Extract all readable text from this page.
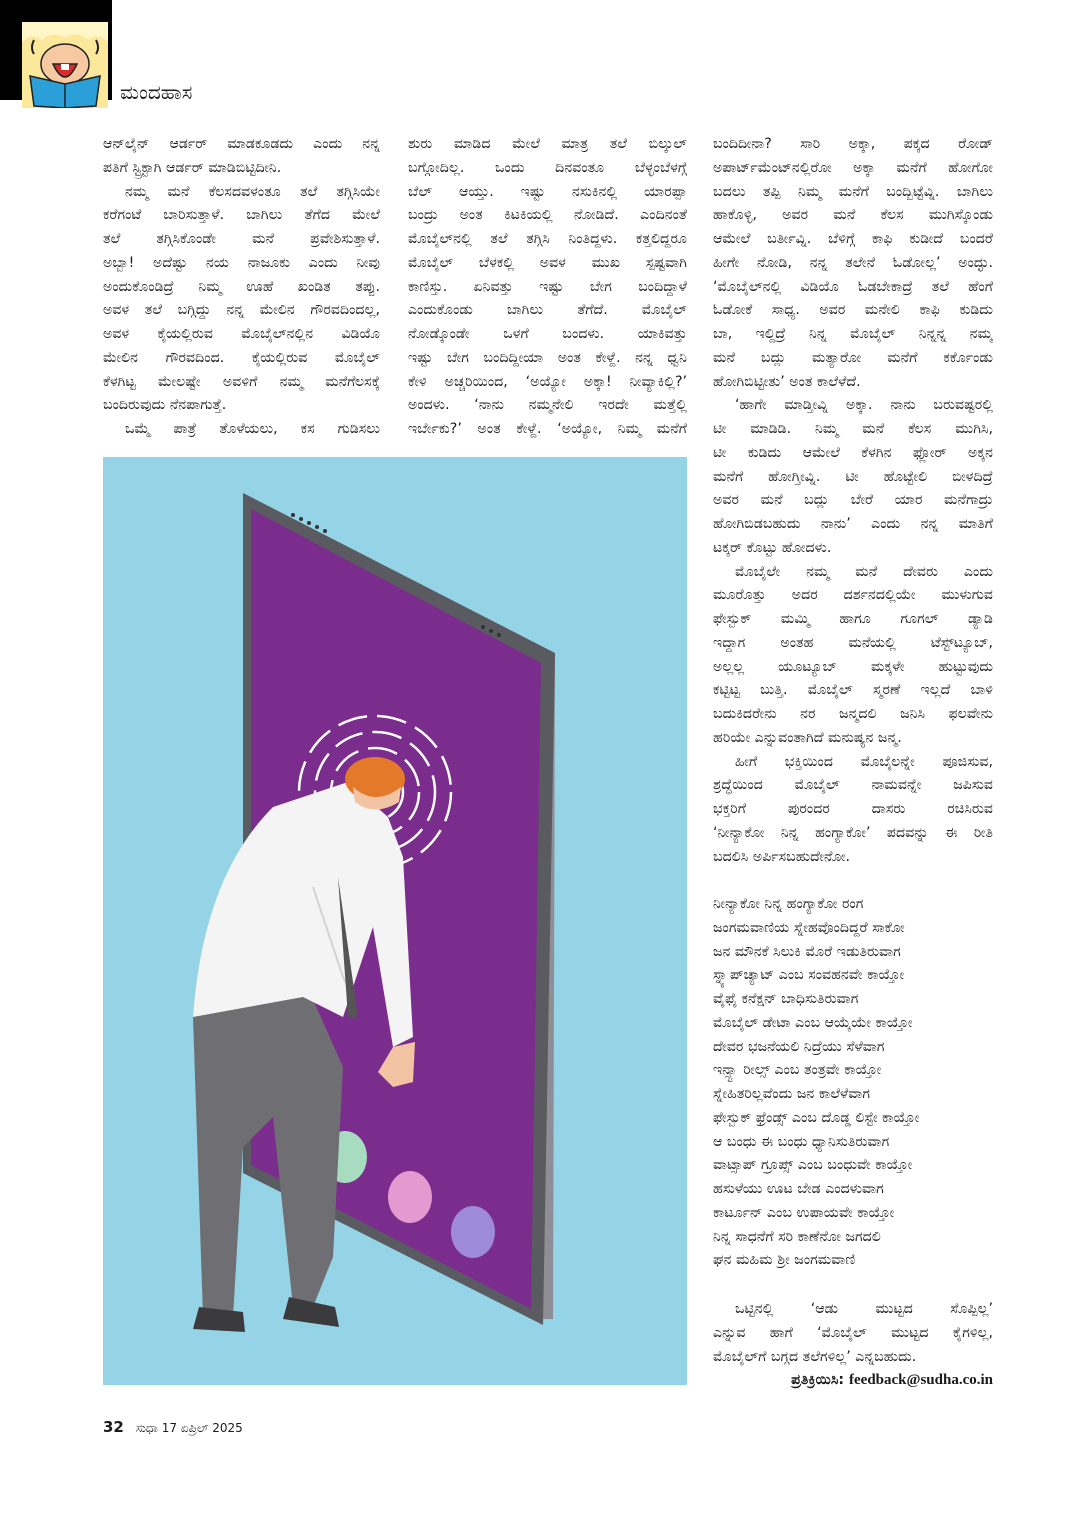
ಮಂದಹಾಸ
ಆನ್‌ಲೈನ್ ಆರ್ಡರ್ ಮಾಡಕೂಡದು ಎಂದು ನನ್ನ
ಪತಿಗೆ ಸ್ಟ್ರಿಕ್ಟಾಗಿ ಆರ್ಡರ್ ಮಾಡಿಬಿಟ್ಟಿದೀನಿ.
ನಮ್ಮ ಮನೆ ಕೆಲಸದವಳಂತೂ ತಲೆ ತಗ್ಗಿಸಿಯೇ
ಕರೆಗಂಟೆ ಬಾರಿಸುತ್ತಾಳೆ. ಬಾಗಿಲು ತೆಗೆದ ಮೇಲೆ
ತಲೆ ತಗ್ಗಿಸಿಕೊಂಡೇ ಮನೆ ಪ್ರವೇಶಿಸುತ್ತಾಳೆ.
ಅಬ್ಬಾ! ಅದೆಷ್ಟು ನಯ ನಾಜೂಕು ಎಂದು ನೀವು
ಅಂದುಕೊಂಡಿದ್ರೆ ನಿಮ್ಮ ಊಹೆ ಖಂಡಿತ ತಪ್ಪು.
ಅವಳ ತಲೆ ಬಗ್ಗಿದ್ದು ನನ್ನ ಮೇಲಿನ ಗೌರವದಿಂದಲ್ಲ,
ಅವಳ ಕೈಯಲ್ಲಿರುವ ಮೊಬೈಲ್‌ನಲ್ಲಿನ ವಿಡಿಯೊ
ಮೇಲಿನ ಗೌರವದಿಂದ. ಕೈಯಲ್ಲಿರುವ ಮೊಬೈಲ್
ಕೆಳಗಿಟ್ಟ ಮೇಲಷ್ಟೇ ಅವಳಿಗೆ ನಮ್ಮ ಮನೆಗೆಲಸಕ್ಕೆ
ಬಂದಿರುವುದು ನೆನಪಾಗುತ್ತೆ.
ಒಮ್ಮೆ ಪಾತ್ರೆ ತೊಳೆಯಲು, ಕಸ ಗುಡಿಸಲು
ಶುರು ಮಾಡಿದ ಮೇಲೆ ಮಾತ್ರ ತಲೆ ಬಿಲ್ಕುಲ್
ಬಗ್ಗೋದಿಲ್ಲ. ಒಂದು ದಿನವಂತೂ ಬೆಳ್ಳಂಬೆಳಗ್ಗೆ
ಬೆಲ್ ಆಯ್ತು. ಇಷ್ಟು ನಸುಕಿನಲ್ಲಿ ಯಾರಪ್ಪಾ
ಬಂದ್ರು ಅಂತ ಕಿಟಕಿಯಲ್ಲಿ ನೋಡಿದೆ. ಎಂದಿನಂತೆ
ಮೊಬೈಲ್‌ನಲ್ಲಿ ತಲೆ ತಗ್ಗಿಸಿ ನಿಂತಿದ್ದಳು. ಕತ್ತಲಿದ್ದರೂ
ಮೊಬೈಲ್ ಬೆಳಕಲ್ಲಿ ಅವಳ ಮುಖ ಸ್ಪಷ್ಟವಾಗಿ
ಕಾಣಿಸ್ತು. ಏನಿವತ್ತು ಇಷ್ಟು ಬೇಗ ಬಂದಿದ್ದಾಳೆ
ಎಂದುಕೊಂಡು ಬಾಗಿಲು ತೆಗೆದೆ. ಮೊಬೈಲ್
ನೋಡ್ಕೊಂಡೇ ಒಳಗೆ ಬಂದಳು. ಯಾಕಿವತ್ತು
ಇಷ್ಟು ಬೇಗ ಬಂದಿದ್ದೀಯಾ ಅಂತ ಕೇಳ್ದೆ. ನನ್ನ ಧ್ವನಿ
ಕೇಳಿ ಅಚ್ಚರಿಯಿಂದ, ‘ಅಯ್ಯೋ ಅಕ್ಕಾ! ನೀವ್ಯಾಕಿಲ್ಲಿ?’
ಅಂದಳು. ‘ನಾನು ನಮ್ಮನೇಲಿ ಇರದೇ ಮತ್ತೆಲ್ಲಿ
ಇರ್ಬೇಕು?’ ಅಂತ ಕೇಳ್ದೆ. ‘ಅಯ್ಯೋ, ನಿಮ್ಮ ಮನೆಗೆ
ಬಂದಿದೀನಾ? ಸಾರಿ ಅಕ್ಕಾ, ಪಕ್ಕದ ರೋಡ್
ಅಪಾರ್ಟ್‌ಮೆಂಟ್‌ನಲ್ಲಿರೋ ಅಕ್ಕಾ ಮನೆಗೆ ಹೋಗೋ
ಬದಲು ತಪ್ಪಿ ನಿಮ್ಮ ಮನೆಗೆ ಬಂದ್ಬಿಟ್ಟೆವ್ನಿ. ಬಾಗಿಲು
ಹಾಕೊಳ್ಳಿ, ಅವರ ಮನೆ ಕೆಲಸ ಮುಗಿಸ್ಕೊಂಡು
ಆಮೇಲೆ ಬರ್ತೀವ್ನಿ. ಬೆಳಿಗ್ಗೆ ಕಾಫಿ ಕುಡೀದೆ ಬಂದರೆ
ಹೀಗೇ ನೋಡಿ, ನನ್ನ ತಲೇನೆ ಓಡೋಲ್ಲ’ ಅಂದ್ಳು.
‘ಮೊಬೈಲ್‌ನಲ್ಲಿ ವಿಡಿಯೊ ಓಡಬೇಕಾದ್ರೆ ತಲೆ ಹೆಂಗೆ
ಓಡೋಕೆ ಸಾಧ್ಯ. ಅವರ ಮನೇಲಿ ಕಾಫಿ ಕುಡಿದು
ಬಾ, ಇಲ್ದಿದ್ರೆ ನಿನ್ನ ಮೊಬೈಲ್ ನಿನ್ನನ್ನ ನಮ್ಮ
ಮನೆ ಬದ್ಲು ಮತ್ಯಾರೋ ಮನೆಗೆ ಕರ್ಕೊಂಡು
ಹೋಗಿಬಿಟ್ಟೀತು’ ಅಂತ ಕಾಲೆಳೆದೆ.
‘ಹಾಗೇ ಮಾಡ್ತೀವ್ನಿ ಅಕ್ಕಾ. ನಾನು ಬರುವಷ್ಟರಲ್ಲಿ
ಟೀ ಮಾಡಿಡಿ. ನಿಮ್ಮ ಮನೆ ಕೆಲಸ ಮುಗಿಸಿ,
ಟೀ ಕುಡಿದು ಆಮೇಲೆ ಕೆಳಗಿನ ಫ್ಲೋರ್ ಅಕ್ಕನ
ಮನೆಗೆ ಹೋಗ್ತೀವ್ನಿ. ಟೀ ಹೊಟ್ಟೇಲಿ ಬೀಳದಿದ್ರೆ
ಅವರ ಮನೆ ಬದ್ಲು ಬೇರೆ ಯಾರ ಮನೆಗಾದ್ರು
ಹೋಗಿಬಿಡಬಹುದು ನಾನು’ ಎಂದು ನನ್ನ ಮಾತಿಗೆ
ಟಕ್ಕರ್ ಕೊಟ್ಟು ಹೋದಳು.
ಮೊಬೈಲೇ ನಮ್ಮ ಮನೆ ದೇವರು ಎಂದು
ಮೂರೊತ್ತು ಅದರ ದರ್ಶನದಲ್ಲಿಯೇ ಮುಳುಗುವ
ಫೇಸ್ಬುಕ್ ಮಮ್ಮಿ ಹಾಗೂ ಗೂಗಲ್ ಡ್ಯಾಡಿ
ಇದ್ದಾಗ ಅಂತಹ ಮನೆಯಲ್ಲಿ ಟೆಸ್ಟ್‌ಟ್ಯೂಬ್,
ಅಲ್ಲಲ್ಲ ಯೂಟ್ಯೂಬ್ ಮಕ್ಕಳೇ ಹುಟ್ಟುವುದು
ಕಟ್ಟಿಟ್ಟ ಬುತ್ತಿ. ಮೊಬೈಲ್ ಸ್ಮರಣೆ ಇಲ್ಲದೆ ಬಾಳಿ
ಬದುಕಿದರೇನು ನರ ಜನ್ಮದಲಿ ಜನಿಸಿ ಫಲವೇನು
ಹರಿಯೇ ಎನ್ನುವಂತಾಗಿದೆ ಮನುಷ್ಯನ ಜನ್ಮ.
ಹೀಗೆ ಭಕ್ತಿಯಿಂದ ಮೊಬೈಲನ್ನೇ ಪೂಜಿಸುವ,
ಶ್ರದ್ಧೆಯಿಂದ ಮೊಬೈಲ್ ನಾಮವನ್ನೇ ಜಪಿಸುವ
ಭಕ್ತರಿಗೆ ಪುರಂದರ ದಾಸರು ರಚಿಸಿರುವ
‘ನೀನ್ಯಾಕೋ ನಿನ್ನ ಹಂಗ್ಯಾಕೋ’ ಪದವನ್ನು ಈ ರೀತಿ
ಬದಲಿಸಿ ಅರ್ಪಿಸಬಹುದೇನೋ.
ನೀನ್ಯಾಕೋ ನಿನ್ನ ಹಂಗ್ಯಾಕೋ ರಂಗ
ಜಂಗಮವಾಣಿಯ ಸ್ನೇಹವೊಂದಿದ್ದರೆ ಸಾಕೋ
ಜನ ಮೌನಕೆ ಸಿಲುಕಿ ಮೊರೆ ಇಡುತಿರುವಾಗ
ಸ್ನ್ಯಾಪ್‌ಚ್ಯಾಟ್ ಎಂಬ ಸಂವಹನವೇ ಕಾಯ್ತೋ
ವೈಫೈ ಕನೆಕ್ಷನ್ ಬಾಧಿಸುತಿರುವಾಗ
ಮೊಬೈಲ್ ಡೇಟಾ ಎಂಬ ಆಯ್ಕೆಯೇ ಕಾಯ್ತೋ
ದೇವರ ಭಜನೆಯಲಿ ನಿದ್ರೆಯು ಸೆಳೆವಾಗ
ಇನ್ಸ್ಟಾ ರೀಲ್ಸ್ ಎಂಬ ತಂತ್ರವೇ ಕಾಯ್ತೋ
ಸ್ನೇಹಿತರಿಲ್ಲವೆಂದು ಜನ ಕಾಲೆಳೆವಾಗ
ಫೇಸ್ಬುಕ್ ಫ್ರೆಂಡ್ಸ್ ಎಂಬ ದೊಡ್ಡ ಲಿಸ್ಟೇ ಕಾಯ್ತೋ
ಆ ಬಂಧು ಈ ಬಂಧು ಧ್ಯಾನಿಸುತಿರುವಾಗ
ವಾಟ್ಸಾಪ್ ಗ್ರೂಪ್ಸ್ ಎಂಬ ಬಂಧುವೇ ಕಾಯ್ತೋ
ಹಸುಳೆಯು ಊಟ ಬೇಡ ಎಂದಳುವಾಗ
ಕಾರ್ಟೂನ್ ಎಂಬ ಉಪಾಯವೇ ಕಾಯ್ತೋ
ನಿನ್ನ ಸಾಧನೆಗೆ ಸರಿ ಕಾಣೆನೋ ಜಗದಲಿ
ಘನ ಮಹಿಮ ಶ್ರೀ ಜಂಗಮವಾಣಿ
ಒಟ್ಟಿನಲ್ಲಿ ‘ಆಡು ಮುಟ್ಟದ ಸೊಪ್ಪಿಲ್ಲ’
ಎನ್ನುವ ಹಾಗೆ ‘ಮೊಬೈಲ್ ಮುಟ್ಟದ ಕೈಗಳಿಲ್ಲ,
ಮೊಬೈಲ್‌ಗೆ ಬಗ್ಗದ ತಲೆಗಳಿಲ್ಲ’ ಎನ್ನಬಹುದು.
ಪ್ರತಿಕ್ರಿಯಿಸಿ: feedback@sudha.co.in
32 ಸುಧಾ 17 ಏಪ್ರಿಲ್ 2025
